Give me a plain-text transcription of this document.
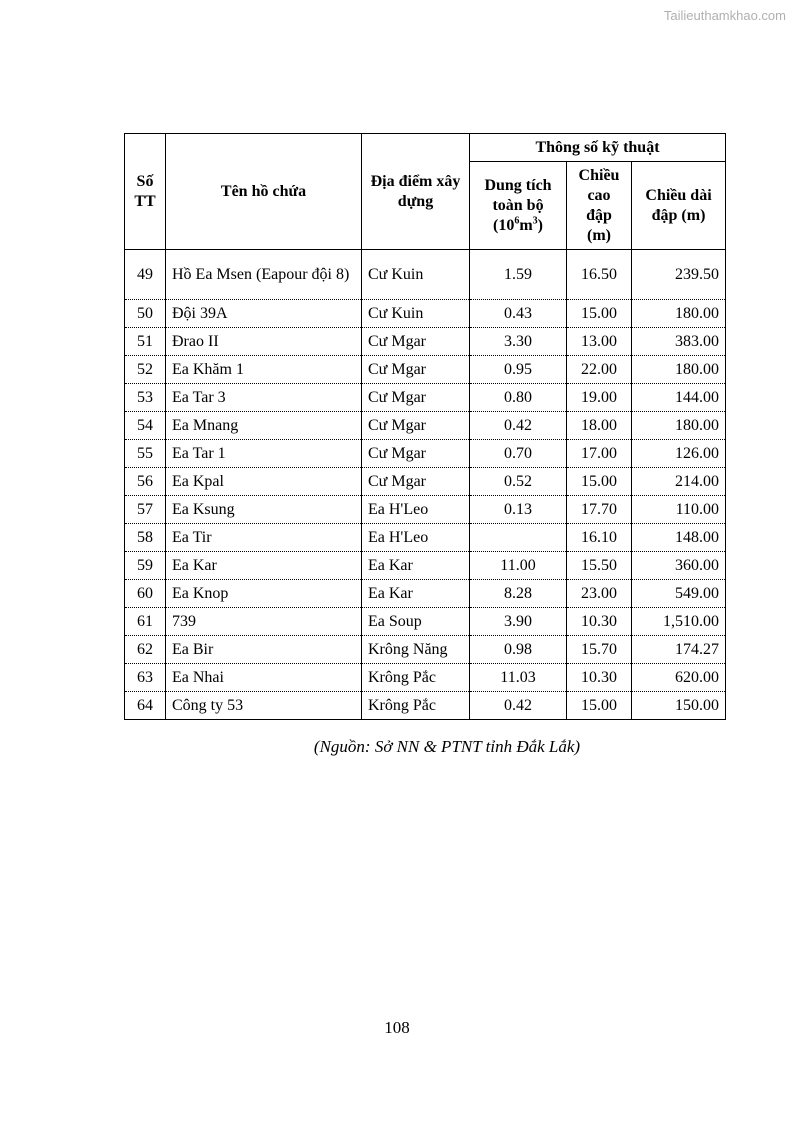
Tailieuthamkhao.com
Số TT	Tên hồ chứa	Địa điểm xây dựng	Thông số kỹ thuật		
			Dung tích toàn bộ $(10^6m^3)$	Chiều cao đập (m)	Chiều dài đập (m)
49	Hồ Ea Msen (Eapour đội 8)	Cư Kuin	1.59	16.50	239.50
50	Đội 39A	Cư Kuin	0.43	15.00	180.00
51	Đrao II	Cư Mgar	3.30	13.00	383.00
52	Ea Khăm 1	Cư Mgar	0.95	22.00	180.00
53	Ea Tar 3	Cư Mgar	0.80	19.00	144.00
54	Ea Mnang	Cư Mgar	0.42	18.00	180.00
55	Ea Tar 1	Cư Mgar	0.70	17.00	126.00
56	Ea Kpal	Cư Mgar	0.52	15.00	214.00
57	Ea Ksung	Ea H'Leo	0.13	17.70	110.00
58	Ea Tir	Ea H'Leo		16.10	148.00
59	Ea Kar	Ea Kar	11.00	15.50	360.00
60	Ea Knop	Ea Kar	8.28	23.00	549.00
61	739	Ea Soup	3.90	10.30	1,510.00
62	Ea Bir	Krông Năng	0.98	15.70	174.27
63	Ea Nhai	Krông Pắc	11.03	10.30	620.00
64	Công ty 53	Krông Pắc	0.42	15.00	150.00
(Nguồn: Sở NN & PTNT tỉnh Đắk Lắk)
108
